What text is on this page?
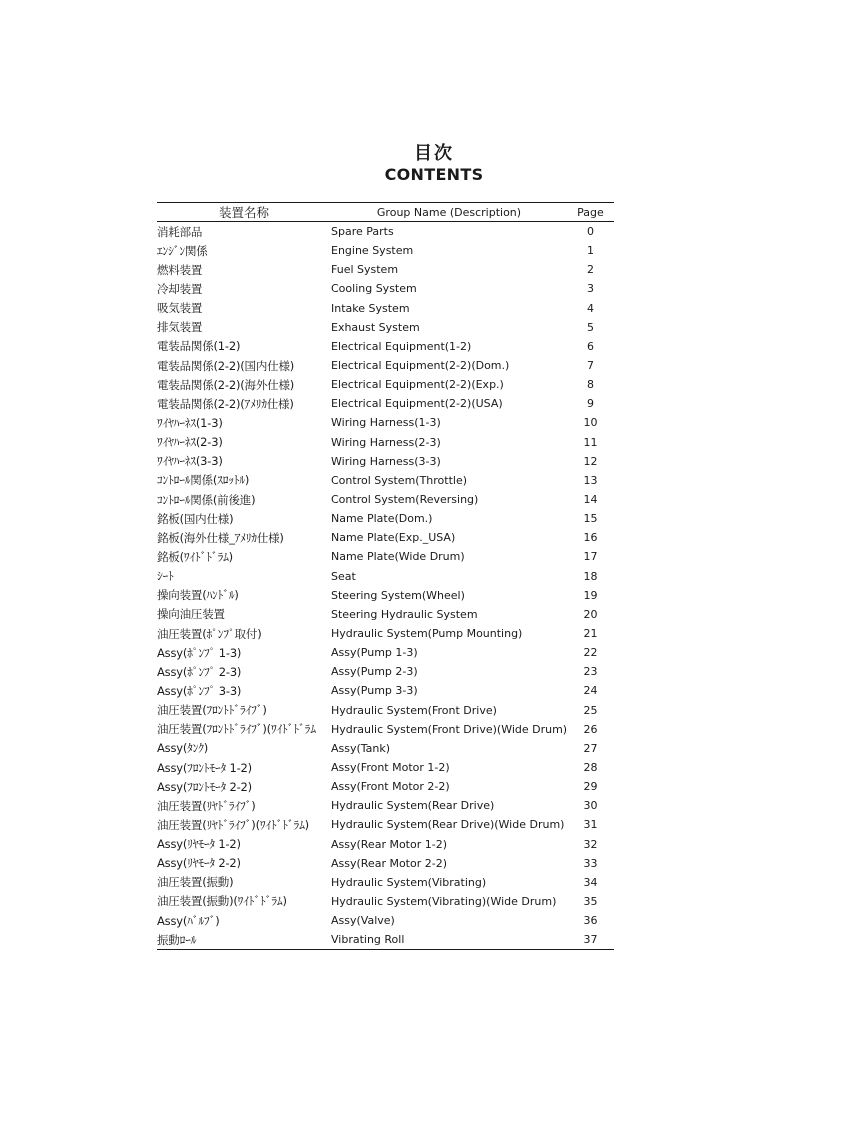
目次
CONTENTS
装置名称	Group Name (Description)	Page
消耗部品	Spare Parts	0
ｴﾝｼﾞﾝ関係	Engine System	1
燃料装置	Fuel System	2
冷却装置	Cooling System	3
吸気装置	Intake System	4
排気装置	Exhaust System	5
電装品関係(1-2)	Electrical Equipment(1-2)	6
電装品関係(2-2)(国内仕様)	Electrical Equipment(2-2)(Dom.)	7
電装品関係(2-2)(海外仕様)	Electrical Equipment(2-2)(Exp.)	8
電装品関係(2-2)(ｱﾒﾘｶ仕様)	Electrical Equipment(2-2)(USA)	9
ﾜｲﾔﾊｰﾈｽ(1-3)	Wiring Harness(1-3)	10
ﾜｲﾔﾊｰﾈｽ(2-3)	Wiring Harness(2-3)	11
ﾜｲﾔﾊｰﾈｽ(3-3)	Wiring Harness(3-3)	12
ｺﾝﾄﾛｰﾙ関係(ｽﾛｯﾄﾙ)	Control System(Throttle)	13
ｺﾝﾄﾛｰﾙ関係(前後進)	Control System(Reversing)	14
銘板(国内仕様)	Name Plate(Dom.)	15
銘板(海外仕様_ｱﾒﾘｶ仕様)	Name Plate(Exp._USA)	16
銘板(ﾜｲﾄﾞﾄﾞﾗﾑ)	Name Plate(Wide Drum)	17
ｼｰﾄ	Seat	18
操向装置(ﾊﾝﾄﾞﾙ)	Steering System(Wheel)	19
操向油圧装置	Steering Hydraulic System	20
油圧装置(ﾎﾟﾝﾌﾟ取付)	Hydraulic System(Pump Mounting)	21
Assy(ﾎﾟﾝﾌﾟ 1-3)	Assy(Pump 1-3)	22
Assy(ﾎﾟﾝﾌﾟ 2-3)	Assy(Pump 2-3)	23
Assy(ﾎﾟﾝﾌﾟ 3-3)	Assy(Pump 3-3)	24
油圧装置(ﾌﾛﾝﾄﾄﾞﾗｲﾌﾞ)	Hydraulic System(Front Drive)	25
油圧装置(ﾌﾛﾝﾄﾄﾞﾗｲﾌﾞ)(ﾜｲﾄﾞﾄﾞﾗﾑ	Hydraulic System(Front Drive)(Wide Drum)	26
Assy(ﾀﾝｸ)	Assy(Tank)	27
Assy(ﾌﾛﾝﾄﾓｰﾀ 1-2)	Assy(Front Motor 1-2)	28
Assy(ﾌﾛﾝﾄﾓｰﾀ 2-2)	Assy(Front Motor 2-2)	29
油圧装置(ﾘﾔﾄﾞﾗｲﾌﾞ)	Hydraulic System(Rear Drive)	30
油圧装置(ﾘﾔﾄﾞﾗｲﾌﾞ)(ﾜｲﾄﾞﾄﾞﾗﾑ)	Hydraulic System(Rear Drive)(Wide Drum)	31
Assy(ﾘﾔﾓｰﾀ 1-2)	Assy(Rear Motor 1-2)	32
Assy(ﾘﾔﾓｰﾀ 2-2)	Assy(Rear Motor 2-2)	33
油圧装置(振動)	Hydraulic System(Vibrating)	34
油圧装置(振動)(ﾜｲﾄﾞﾄﾞﾗﾑ)	Hydraulic System(Vibrating)(Wide Drum)	35
Assy(ﾊﾞﾙﾌﾞ)	Assy(Valve)	36
振動ﾛｰﾙ	Vibrating Roll	37
